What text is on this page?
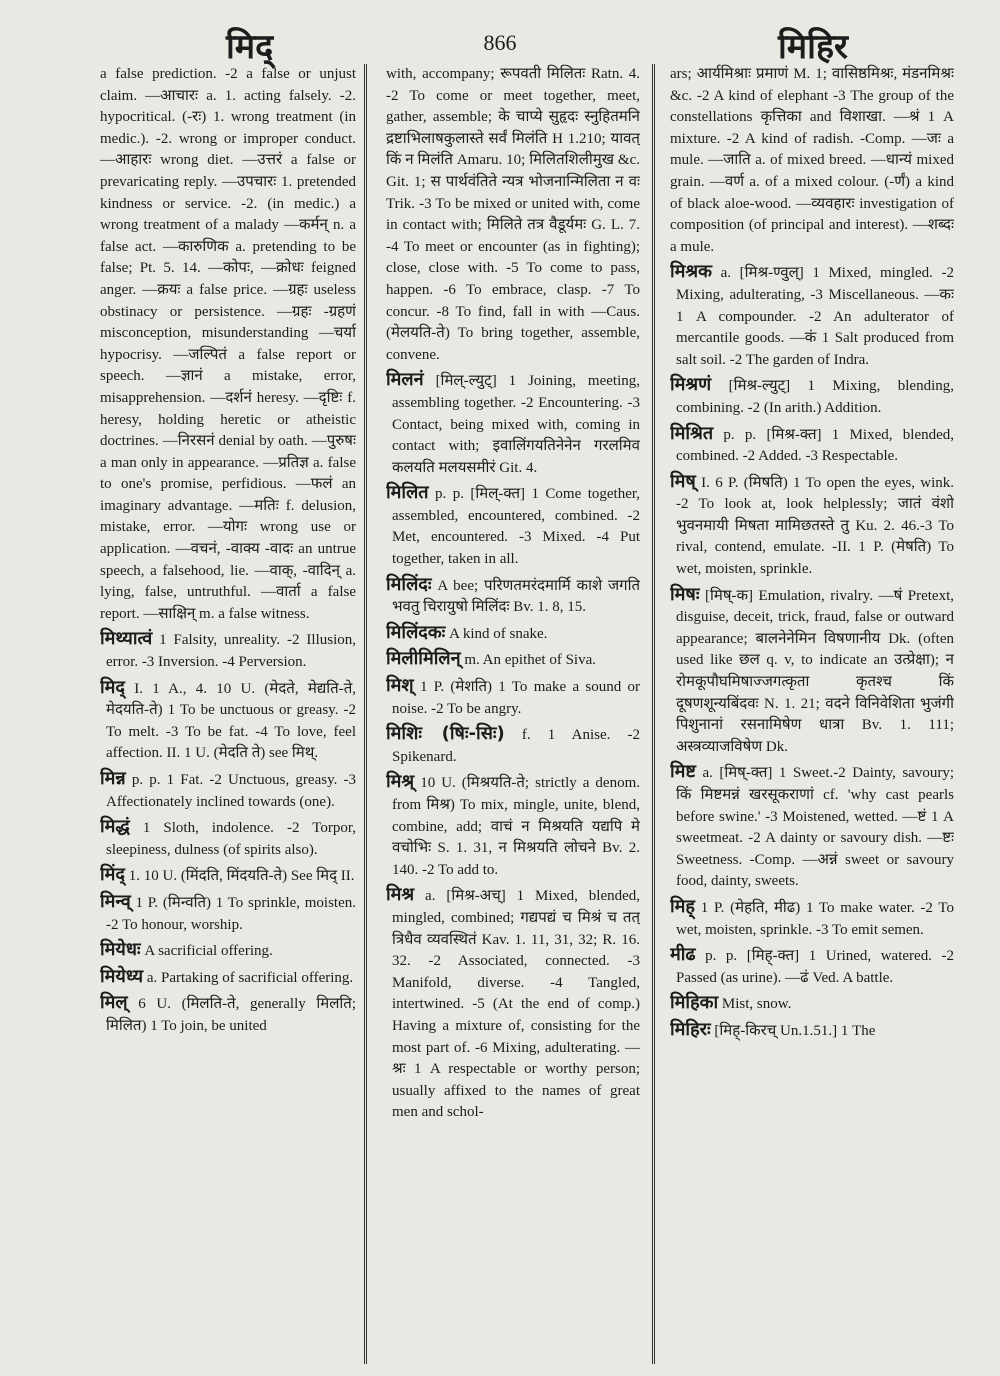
मिद्	866	मिहिर

a false prediction. -2 a false or unjust claim. —आचारः a. 1. acting falsely. -2. hypocritical. (-रः) 1. wrong treatment (in medic.). -2. wrong or improper conduct. —आहारः wrong diet. —उत्तरं a false or prevaricating reply. —उपचारः 1. pretended kindness or service. -2. (in medic.) a wrong treatment of a malady —कर्मन् n. a false act. —कारुणिक a. pretending to be false; Pt. 5. 14. —कोपः, —क्रोधः feigned anger. —क्रयः a false price. —ग्रहः useless obstinacy or persistence. —ग्रहः -ग्रहणं misconception, misunderstanding —चर्या hypocrisy. —जल्पितं a false report or speech. —ज्ञानं a mistake, error, misapprehension. —दर्शनं heresy. —दृष्टिः f. heresy, holding heretic or atheistic doctrines. —निरसनं denial by oath. —पुरुषः a man only in appearance. —प्रतिज्ञ a. false to one's promise, perfidious. —फलं an imaginary advantage. —मतिः f. delusion, mistake, error. —योगः wrong use or application. —वचनं, -वाक्य -वादः an untrue speech, a falsehood, lie. —वाक्, -वादिन् a. lying, false, untruthful. —वार्ता a false report. —साक्षिन् m. a false witness.

मिथ्यात्वं 1 Falsity, unreality. -2 Illusion, error. -3 Inversion. -4 Perversion.

मिद् I. 1 A., 4. 10 U. (मेदते, मेद्यति-ते, मेदयति-ते) 1 To be unctuous or greasy. -2 To melt. -3 To be fat. -4 To love, feel affection. II. 1 U. (मेदति ते) see मिथ्.

मिन्न p. p. 1 Fat. -2 Unctuous, greasy. -3 Affectionately inclined towards (one).

मिद्धं 1 Sloth, indolence. -2 Torpor, sleepiness, dulness (of spirits also).

मिंद् 1. 10 U. (मिंदति, मिंदयति-ते) See मिद् II.

मिन्व् 1 P. (मिन्वति) 1 To sprinkle, moisten. -2 To honour, worship.

मियेधः A sacrificial offering.

मियेध्य a. Partaking of sacrificial offering.

मिल् 6 U. (मिलति-ते, generally मिलति; मिलित) 1 To join, be united

with, accompany; रूपवती मिलितः Ratn. 4. -2 To come or meet together, meet, gather, assemble; के चाप्ये सुहृदः स्नुहितमनि द्रष्टाभिलाषकुलास्ते सर्वं मिलंति H 1.210; यावत् किं न मिलंति Amaru. 10; मिलितशिलीमुख &c. Git. 1; स पार्थवंतिते न्यत्र भोजनान्मिलिता न वः Trik. -3 To be mixed or united with, come in contact with; मिलिते तत्र वैडूर्यमः G. L. 7. -4 To meet or encounter (as in fighting); close, close with. -5 To come to pass, happen. -6 To embrace, clasp. -7 To concur. -8 To find, fall in with —Caus. (मेलयति-ते) To bring together, assemble, convene.

मिलनं [मिल्-ल्युट्] 1 Joining, meeting, assembling together. -2 Encountering. -3 Contact, being mixed with, coming in contact with; इवालिंगयतिनेनेन गरलमिव कलयति मलयसमीरं Git. 4.

मिलित p. p. [मिल्-क्त] 1 Come together, assembled, encountered, combined. -2 Met, encountered. -3 Mixed. -4 Put together, taken in all.

मिलिंदः A bee; परिणतमरंदमार्मि काशे जगति भवतु चिरायुषो मिलिंदः Bv. 1. 8, 15.

मिलिंदकः A kind of snake.

मिलीमिलिन् m. An epithet of Siva.

मिश् 1 P. (मेशति) 1 To make a sound or noise. -2 To be angry.

मिशिः (षिः-सिः) f. 1 Anise. -2 Spikenard.

मिश्र् 10 U. (मिश्रयति-ते; strictly a denom. from मिश्र) To mix, mingle, unite, blend, combine, add; वाचं न मिश्रयति यद्यपि मे वचोभिः S. 1. 31, न मिश्रयति लोचने Bv. 2. 140. -2 To add to.

मिश्र a. [मिश्र-अच्] 1 Mixed, blended, mingled, combined; गद्यपद्यं च मिश्रं च तत् त्रिधैव व्यवस्थितं Kav. 1. 11, 31, 32; R. 16. 32. -2 Associated, connected. -3 Manifold, diverse. -4 Tangled, intertwined. -5 (At the end of comp.) Having a mixture of, consisting for the most part of. -6 Mixing, adulterating. —श्रः 1 A respectable or worthy person; usually affixed to the names of great men and schol-

ars; आर्यमिश्राः प्रमाणं M. 1; वासिष्ठमिश्रः, मंडनमिश्रः &c. -2 A kind of elephant -3 The group of the constellations कृत्तिका and विशाखा. —श्रं 1 A mixture. -2 A kind of radish. -Comp. —जः a mule. —जाति a. of mixed breed. —धान्यं mixed grain. —वर्ण a. of a mixed colour. (-र्णं) a kind of black aloe-wood. —व्यवहारः investigation of composition (of principal and interest). —शब्दः a mule.

मिश्रक a. [मिश्र-ण्वुल्] 1 Mixed, mingled. -2 Mixing, adulterating, -3 Miscellaneous. —कः 1 A compounder. -2 An adulterator of mercantile goods. —कं 1 Salt produced from salt soil. -2 The garden of Indra.

मिश्रणं [मिश्र-ल्युट्] 1 Mixing, blending, combining. -2 (In arith.) Addition.

मिश्रित p. p. [मिश्र-क्त] 1 Mixed, blended, combined. -2 Added. -3 Respectable.

मिष् I. 6 P. (मिषति) 1 To open the eyes, wink. -2 To look at, look helplessly; जातं वंशो भुवनमायी मिषता मामिछतस्ते तु Ku. 2. 46.-3 To rival, contend, emulate. -II. 1 P. (मेषति) To wet, moisten, sprinkle.

मिषः [मिष्-क] Emulation, rivalry. —षं Pretext, disguise, deceit, trick, fraud, false or outward appearance; बालनेनेमिन विषणानीय Dk. (often used like छल q. v, to indicate an उत्प्रेक्षा); न रोमकूपौघमिषाज्जगत्कृता कृतश्च किं दूषणशून्यबिंदवः N. 1. 21; वदने विनिवेशिता भुजंगी पिशुनानां रसनामिषेण धात्रा Bv. 1. 111; अस्त्रव्याजविषेण Dk.

मिष्ट a. [मिष्-क्त] 1 Sweet.-2 Dainty, savoury; किं मिष्टमन्नं खरसूकराणां cf. 'why cast pearls before swine.' -3 Moistened, wetted. —ष्टं 1 A sweetmeat. -2 A dainty or savoury dish. —ष्टः Sweetness. -Comp. —अन्नं sweet or savoury food, dainty, sweets.

मिह् 1 P. (मेहति, मीढ) 1 To make water. -2 To wet, moisten, sprinkle. -3 To emit semen.

मीढ p. p. [मिह्-क्त] 1 Urined, watered. -2 Passed (as urine). —ढं Ved. A battle.

मिहिका Mist, snow.

मिहिरः [मिह्-किरच् Un.1.51.] 1 The
